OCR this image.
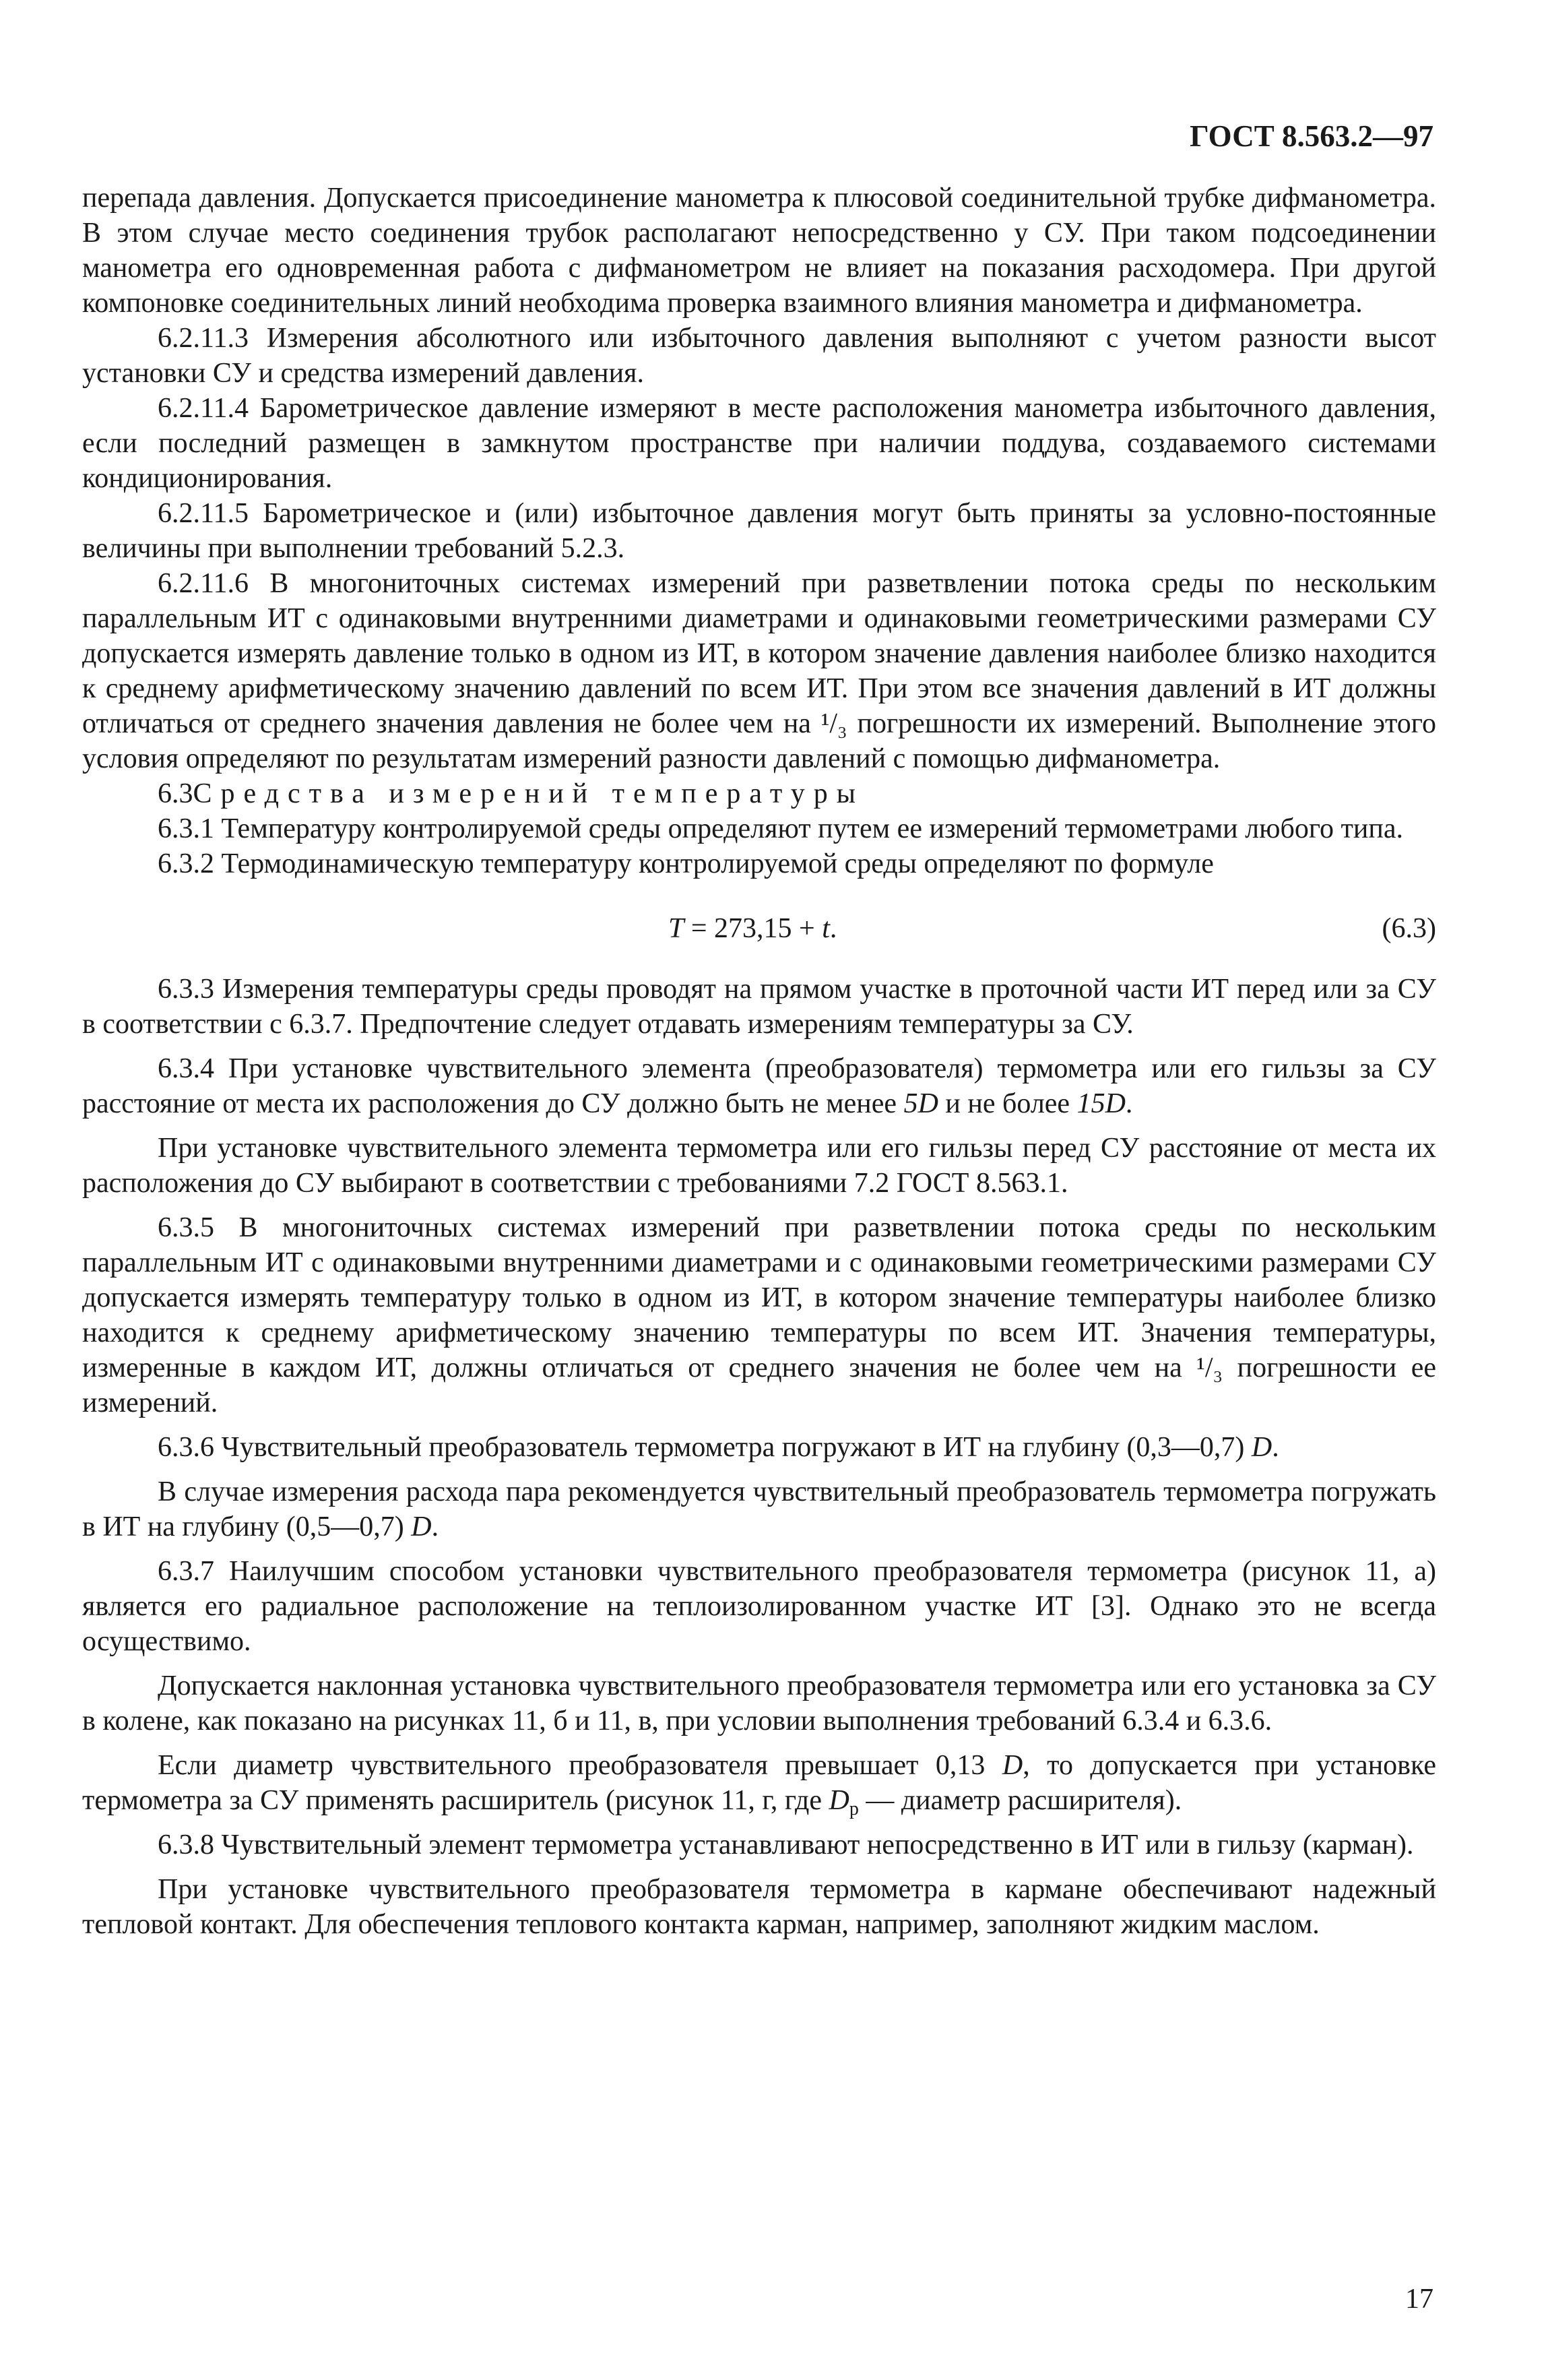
ГОСТ 8.563.2—97

перепада давления. Допускается присоединение манометра к плюсовой соединительной трубке дифманометра. В этом случае место соединения трубок располагают непосредственно у СУ. При таком подсоединении манометра его одновременная работа с дифманометром не влияет на показания расходомера. При другой компоновке соединительных линий необходима проверка взаимного влияния манометра и дифманометра.

6.2.11.3 Измерения абсолютного или избыточного давления выполняют с учетом разности высот установки СУ и средства измерений давления.

6.2.11.4 Барометрическое давление измеряют в месте расположения манометра избыточного давления, если последний размещен в замкнутом пространстве при наличии поддува, создаваемого системами кондиционирования.

6.2.11.5 Барометрическое и (или) избыточное давления могут быть приняты за условно-постоянные величины при выполнении требований 5.2.3.

6.2.11.6 В многониточных системах измерений при разветвлении потока среды по нескольким параллельным ИТ с одинаковыми внутренними диаметрами и одинаковыми геометрическими размерами СУ допускается измерять давление только в одном из ИТ, в котором значение давления наиболее близко находится к среднему арифметическому значению давлений по всем ИТ. При этом все значения давлений в ИТ должны отличаться от среднего значения давления не более чем на ¹/₃ погрешности их измерений. Выполнение этого условия определяют по результатам измерений разности давлений с помощью дифманометра.

6.3Средства измерений температуры

6.3.1 Температуру контролируемой среды определяют путем ее измерений термометрами любого типа.

6.3.2 Термодинамическую температуру контролируемой среды определяют по формуле

T = 273,15 + t.	(6.3)

6.3.3 Измерения температуры среды проводят на прямом участке в проточной части ИТ перед или за СУ в соответствии с 6.3.7. Предпочтение следует отдавать измерениям температуры за СУ.

6.3.4 При установке чувствительного элемента (преобразователя) термометра или его гильзы за СУ расстояние от места их расположения до СУ должно быть не менее 5D и не более 15D.

При установке чувствительного элемента термометра или его гильзы перед СУ расстояние от места их расположения до СУ выбирают в соответствии с требованиями 7.2 ГОСТ 8.563.1.

6.3.5 В многониточных системах измерений при разветвлении потока среды по нескольким параллельным ИТ с одинаковыми внутренними диаметрами и с одинаковыми геометрическими размерами СУ допускается измерять температуру только в одном из ИТ, в котором значение температуры наиболее близко находится к среднему арифметическому значению температуры по всем ИТ. Значения температуры, измеренные в каждом ИТ, должны отличаться от среднего значения не более чем на ¹/₃ погрешности ее измерений.

6.3.6 Чувствительный преобразователь термометра погружают в ИТ на глубину (0,3—0,7) D.

В случае измерения расхода пара рекомендуется чувствительный преобразователь термометра погружать в ИТ на глубину (0,5—0,7) D.

6.3.7 Наилучшим способом установки чувствительного преобразователя термометра (рисунок 11, а) является его радиальное расположение на теплоизолированном участке ИТ [3]. Однако это не всегда осуществимо.

Допускается наклонная установка чувствительного преобразователя термометра или его установка за СУ в колене, как показано на рисунках 11, б и 11, в, при условии выполнения требований 6.3.4 и 6.3.6.

Если диаметр чувствительного преобразователя превышает 0,13 D, то допускается при установке термометра за СУ применять расширитель (рисунок 11, г, где $D_р$ — диаметр расширителя).

6.3.8 Чувствительный элемент термометра устанавливают непосредственно в ИТ или в гильзу (карман).

При установке чувствительного преобразователя термометра в кармане обеспечивают надежный тепловой контакт. Для обеспечения теплового контакта карман, например, заполняют жидким маслом.

17
